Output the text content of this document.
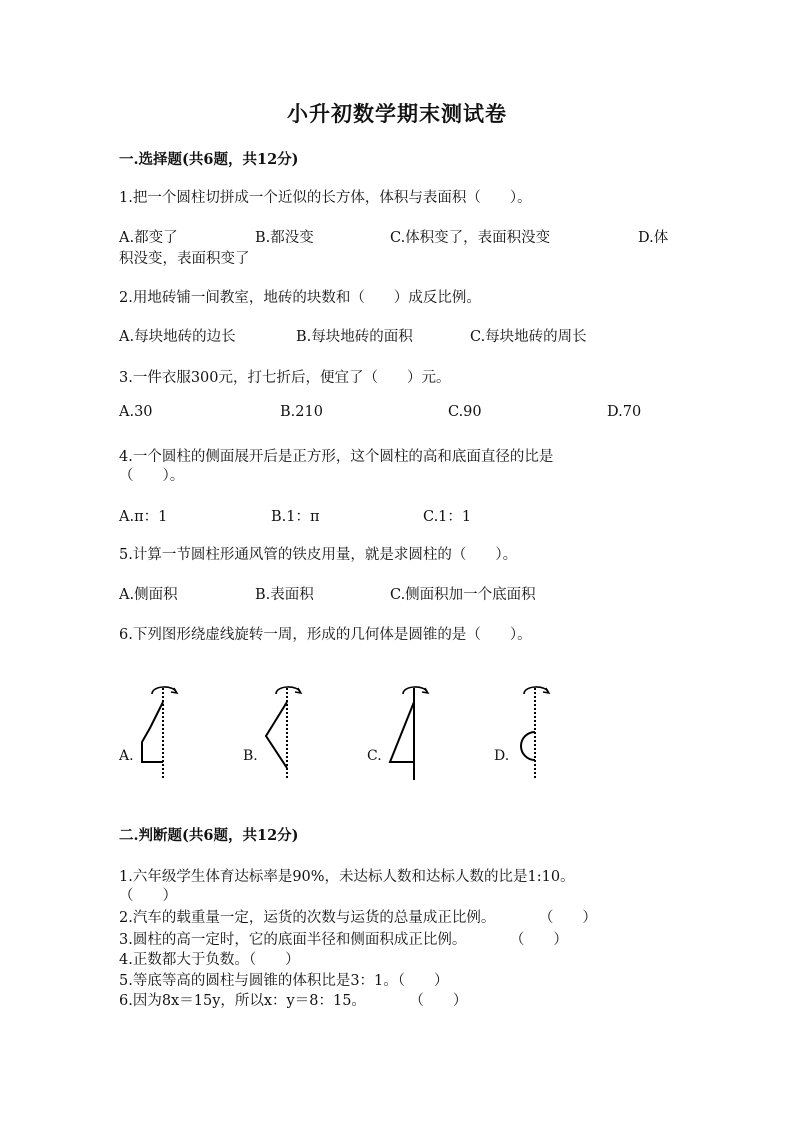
小升初数学期末测试卷
一.选择题(共6题，共12分)
1.把一个圆柱切拼成一个近似的长方体，体积与表面积（　　）。
A.都变了	B.都没变	C.体积变了，表面积没变	D.体
积没变，表面积变了
2.用地砖铺一间教室，地砖的块数和（　　）成反比例。
A.每块地砖的边长	B.每块地砖的面积	C.每块地砖的周长
3.一件衣服300元，打七折后，便宜了（　　）元。
A.30	B.210	C.90	D.70
4.一个圆柱的侧面展开后是正方形，这个圆柱的高和底面直径的比是
（　　）。
A.π：1	B.1：π	C.1：1
5.计算一节圆柱形通风管的铁皮用量，就是求圆柱的（　　）。
A.侧面积	B.表面积	C.侧面积加一个底面积
6.下列图形绕虚线旋转一周，形成的几何体是圆锥的是（　　）。
A.	B.	C.	D.
二.判断题(共6题，共12分)
1.六年级学生体育达标率是90%，未达标人数和达标人数的比是1:10。
（　　）
2.汽车的载重量一定，运货的次数与运货的总量成正比例。　　　　（　　）
3.圆柱的高一定时，它的底面半径和侧面积成正比例。　　　　（　　）
4.正数都大于负数。（　　）
5.等底等高的圆柱与圆锥的体积比是3：1。（　　）
6.因为8x＝15y，所以x：y＝8：15。　　　　（　　）
